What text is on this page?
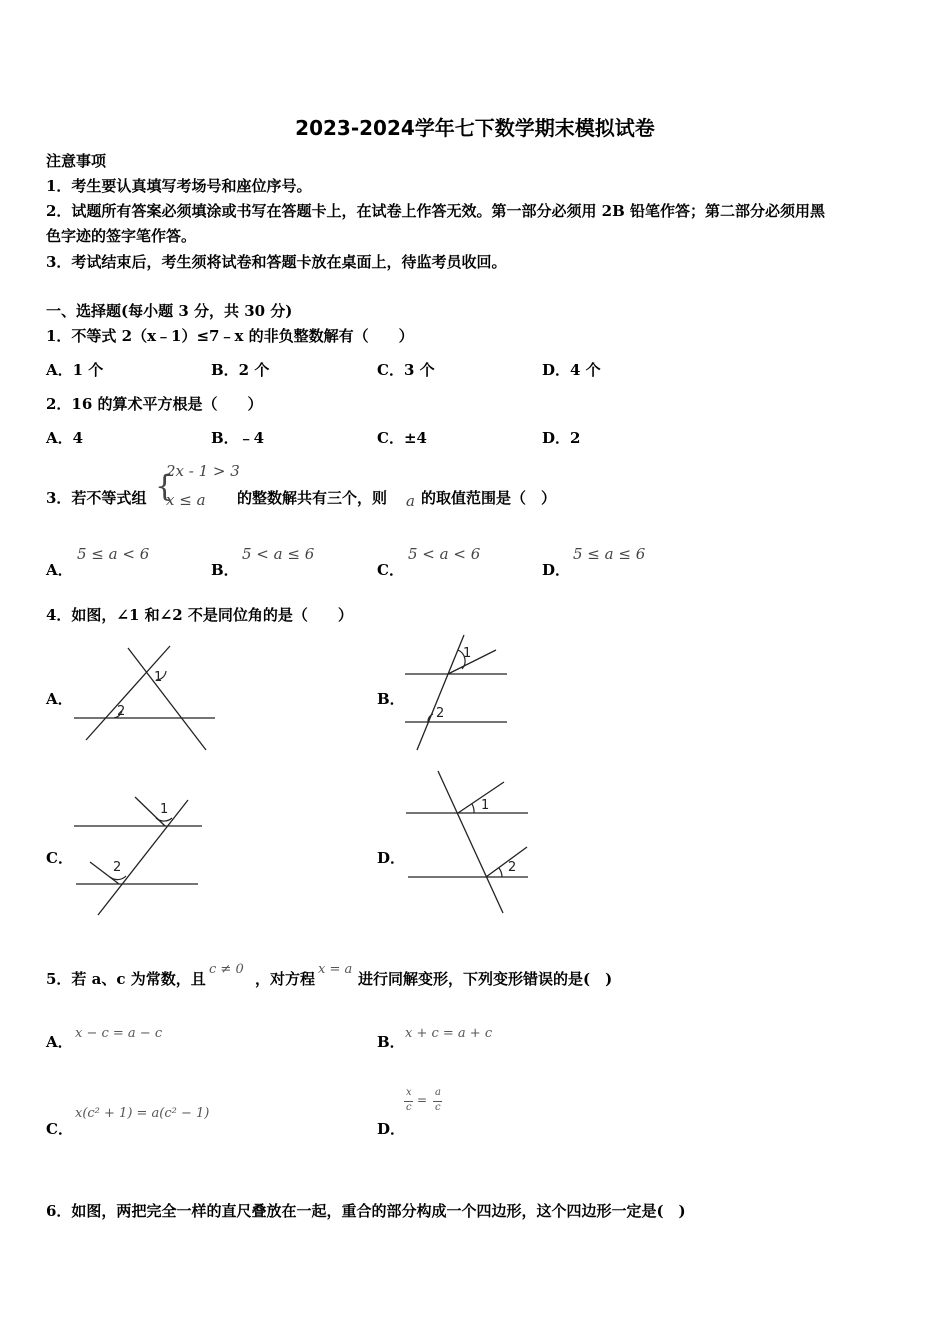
2023-2024学年七下数学期末模拟试卷
注意事项
1．考生要认真填写考场号和座位序号。
2．试题所有答案必须填涂或书写在答题卡上，在试卷上作答无效。第一部分必须用 2B 铅笔作答；第二部分必须用黑
色字迹的签字笔作答。
3．考试结束后，考生须将试卷和答题卡放在桌面上，待监考员收回。
一、选择题(每小题 3 分，共 30 分)
1．不等式 2（x﹣1）≤7﹣x 的非负整数解有（　　）
A．1 个	B．2 个	C．3 个	D．4 个
2．16 的算术平方根是（　　）
A．4	B．﹣4	C．±4	D．2
3．若不等式组 {
2x - 1 > 3
x ≤ a 的整数解共有三个，则 a 的取值范围是（　）
A．
5 ≤ a < 6
B．
5 < a ≤ 6
C．
5 < a < 6
D．
5 ≤ a ≤ 6
4．如图，∠1 和∠2 不是同位角的是（　　）
A．
1
2
B．
1
2
C．
1
2
D．
1
2
5．若 a、c 为常数，且
c ≠ 0
，对方程
x = a
进行同解变形，下列变形错误的是(　)
A． x − c = a − c	B． x + c = a + c
C．
x(c² + 1) = a(c² − 1)
D．
x
c
=
a
c
6．如图，两把完全一样的直尺叠放在一起，重合的部分构成一个四边形，这个四边形一定是(　)
